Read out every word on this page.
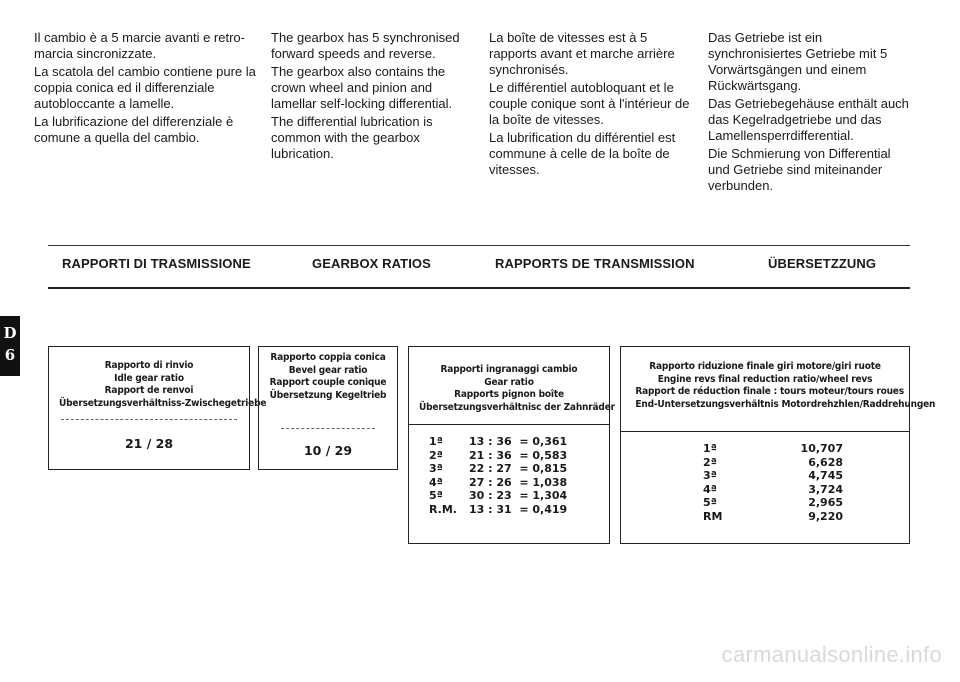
Il cambio è a 5 marcie avanti e retro-marcia sincronizzate.

La scatola del cambio contiene pure la coppia conica ed il differenziale autobloccante a lamelle.

La lubrificazione del differenziale è comune a quella del cambio.

The gearbox has 5 synchronised forward speeds and reverse.

The gearbox also contains the crown wheel and pinion and lamellar self-locking differential.

The differential lubrication is common with the gearbox lubrication.

La boîte de vitesses est à 5 rapports avant et marche arrière synchronisés.

Le différentiel autobloquant et le couple conique sont à l'intérieur de la boîte de vitesses.

La lubrification du différentiel est commune à celle de la boîte de vitesses.

Das Getriebe ist ein synchronisiertes Getriebe mit 5 Vorwärtsgängen und einem Rückwärtsgang.

Das Getriebegehäuse enthält auch das Kegelradgetriebe und das Lamellensperrdifferential.

Die Schmierung von Differential und Getriebe sind miteinander verbunden.

RAPPORTI DI TRASMISSIONE	GEARBOX RATIOS	RAPPORTS DE TRANSMISSION	ÜBERSETZZUNG
D
6
Rapporto di rinvio
Idle gear ratio
Rapport de renvoi
Übersetzungsverhältniss-Zwischegetriebe
21 / 28
Rapporto coppia conica
Bevel gear ratio
Rapport couple conique
Übersetzung Kegeltrieb
10 / 29
Rapporti ingranaggi cambio
Gear ratio
Rapports pignon boîte
Übersetzungsverhältnisc der Zahnräder
1ª	13 : 36  = 0,361
2ª	21 : 36  = 0,583
3ª	22 : 27  = 0,815
4ª	27 : 26  = 1,038
5ª	30 : 23  = 1,304
R.M.	13 : 31  = 0,419
Rapporto riduzione finale giri motore/giri ruote
Engine revs final reduction ratio/wheel revs
Rapport de réduction finale : tours moteur/tours roues
End-Untersetzungsverhältnis Motordrehzhlen/Raddrehungen
1ª	10,707
2ª	6,628
3ª	4,745
4ª	3,724
5ª	2,965
RM	9,220
carmanualsonline.info
